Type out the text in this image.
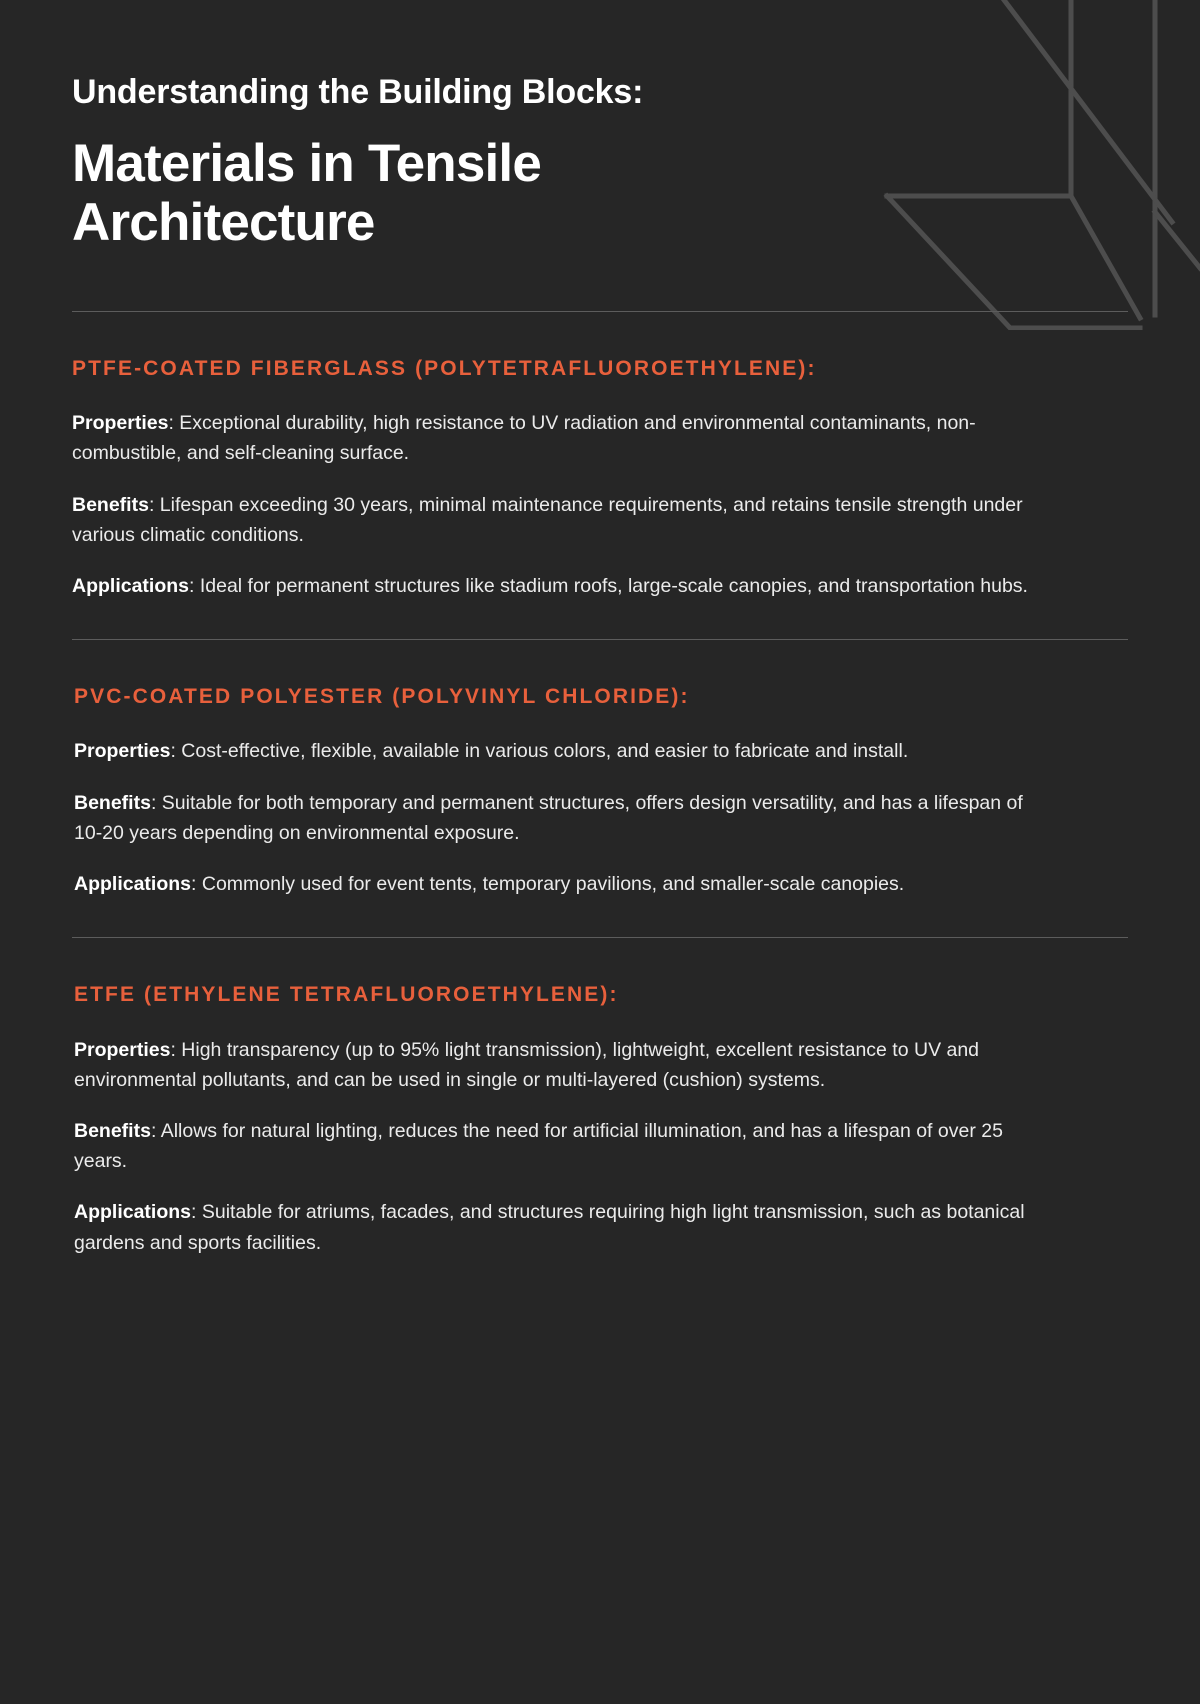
Understanding the Building Blocks:
Materials in Tensile Architecture
PTFE-COATED FIBERGLASS (POLYTETRAFLUOROETHYLENE):

Properties: Exceptional durability, high resistance to UV radiation and environmental contaminants, non-combustible, and self-cleaning surface.

Benefits: Lifespan exceeding 30 years, minimal maintenance requirements, and retains tensile strength under various climatic conditions.

Applications: Ideal for permanent structures like stadium roofs, large-scale canopies, and transportation hubs.

PVC-COATED POLYESTER (POLYVINYL CHLORIDE):

Properties: Cost-effective, flexible, available in various colors, and easier to fabricate and install.

Benefits: Suitable for both temporary and permanent structures, offers design versatility, and has a lifespan of 10-20 years depending on environmental exposure.

Applications: Commonly used for event tents, temporary pavilions, and smaller-scale canopies.

ETFE (ETHYLENE TETRAFLUOROETHYLENE):

Properties: High transparency (up to 95% light transmission), lightweight, excellent resistance to UV and environmental pollutants, and can be used in single or multi-layered (cushion) systems.

Benefits: Allows for natural lighting, reduces the need for artificial illumination, and has a lifespan of over 25 years.

Applications: Suitable for atriums, facades, and structures requiring high light transmission, such as botanical gardens and sports facilities.
